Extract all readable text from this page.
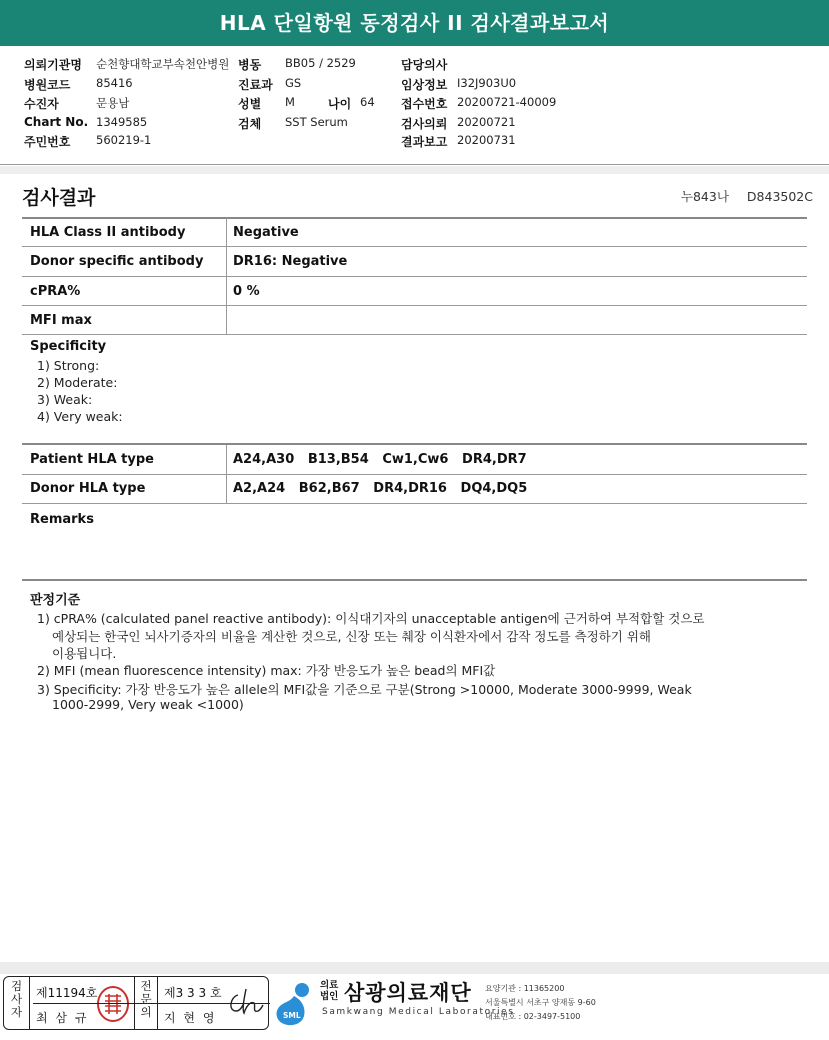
HLA 단일항원 동정검사 II 검사결과보고서
의뢰기관명 순천향대학교부속천안병원 병동 BB05 / 2529	담당의사
병원코드 85416	진료과 GS	임상정보 I32J903U0
수진자	문용남	성별 M	나이 64 접수번호 20200721-40009
Chart No. 1349585	검체 SST Serum	검사의뢰 20200721
주민번호 560219-1	결과보고 20200731
검사결과	누843나 D843502C
HLA Class II antibody	Negative
Donor specific antibody DR16: Negative
cPRA%	0 %
MFI max
Specificity
1) Strong:
2) Moderate:
3) Weak:
4) Very weak:
Patient HLA type	A24,A30   B13,B54   Cw1,Cw6   DR4,DR7
Donor HLA type	A2,A24   B62,B67   DR4,DR16   DQ4,DQ5
Remarks
판정기준
1) cPRA% (calculated panel reactive antibody): 이식대기자의 unacceptable antigen에 근거하여 부적합할 것으로
예상되는 한국인 뇌사기증자의 비율을 계산한 것으로, 신장 또는 췌장 이식환자에서 감작 정도를 측정하기 위해
이용됩니다.
2) MFI (mean fluorescence intensity) max: 가장 반응도가 높은 bead의 MFI값
3) Specificity: 가장 반응도가 높은 allele의 MFI값을 기준으로 구분(Strong >10000, Moderate 3000-9999, Weak
1000-2999, Very weak <1000)
검
사
자
제11194호
최 삼 규
전
문
의
제3 3 3 호
지 현 영	SML
의료
법인 삼광의료재단
Samkwang Medical Laboratories
요양기관 : 11365200
서울특별시 서초구 양재동 9-60
대표번호 : 02-3497-5100
